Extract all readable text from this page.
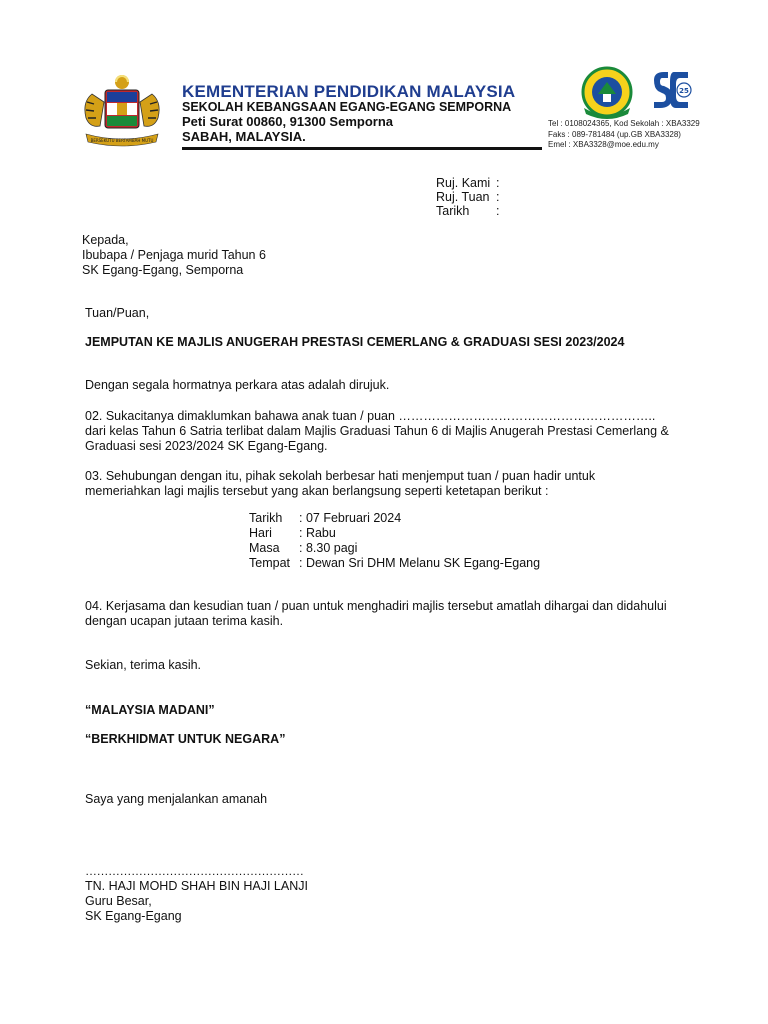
BERSEKUTU BERTAMBAH MUTU
KEMENTERIAN PENDIDIKAN MALAYSIA
SEKOLAH KEBANGSAAN EGANG-EGANG SEMPORNA
Peti Surat 00860, 91300 Semporna
SABAH, MALAYSIA.
25
Tel : 0108024365, Kod Sekolah : XBA3329
Faks : 089-781484 (up.GB XBA3328)
Emel : XBA3328@moe.edu.my
Ruj. Kami :
Ruj. Tuan :
Tarikh	:
Kepada,
Ibubapa / Penjaga murid Tahun 6
SK Egang-Egang, Semporna
Tuan/Puan,
JEMPUTAN KE MAJLIS ANUGERAH PRESTASI CEMERLANG & GRADUASI SESI 2023/2024
Dengan segala hormatnya perkara atas adalah dirujuk.
02. Sukacitanya dimaklumkan bahawa anak tuan / puan ……………………………………………………..
dari kelas Tahun 6 Satria terlibat dalam Majlis Graduasi Tahun 6 di Majlis Anugerah Prestasi Cemerlang &
Graduasi sesi 2023/2024 SK Egang-Egang.
03. Sehubungan dengan itu, pihak sekolah berbesar hati menjemput tuan / puan hadir untuk
memeriahkan lagi majlis tersebut yang akan berlangsung seperti ketetapan berikut :
Tarikh	: 07 Februari 2024
Hari	: Rabu
Masa	: 8.30 pagi
Tempat : Dewan Sri DHM Melanu SK Egang-Egang
04. Kerjasama dan kesudian tuan / puan untuk menghadiri majlis tersebut amatlah dihargai dan didahului
dengan ucapan jutaan terima kasih.
Sekian, terima kasih.
“MALAYSIA MADANI”
“BERKHIDMAT UNTUK NEGARA”
Saya yang menjalankan amanah
…………………………………………………
TN. HAJI MOHD SHAH BIN HAJI LANJI
Guru Besar,
SK Egang-Egang
